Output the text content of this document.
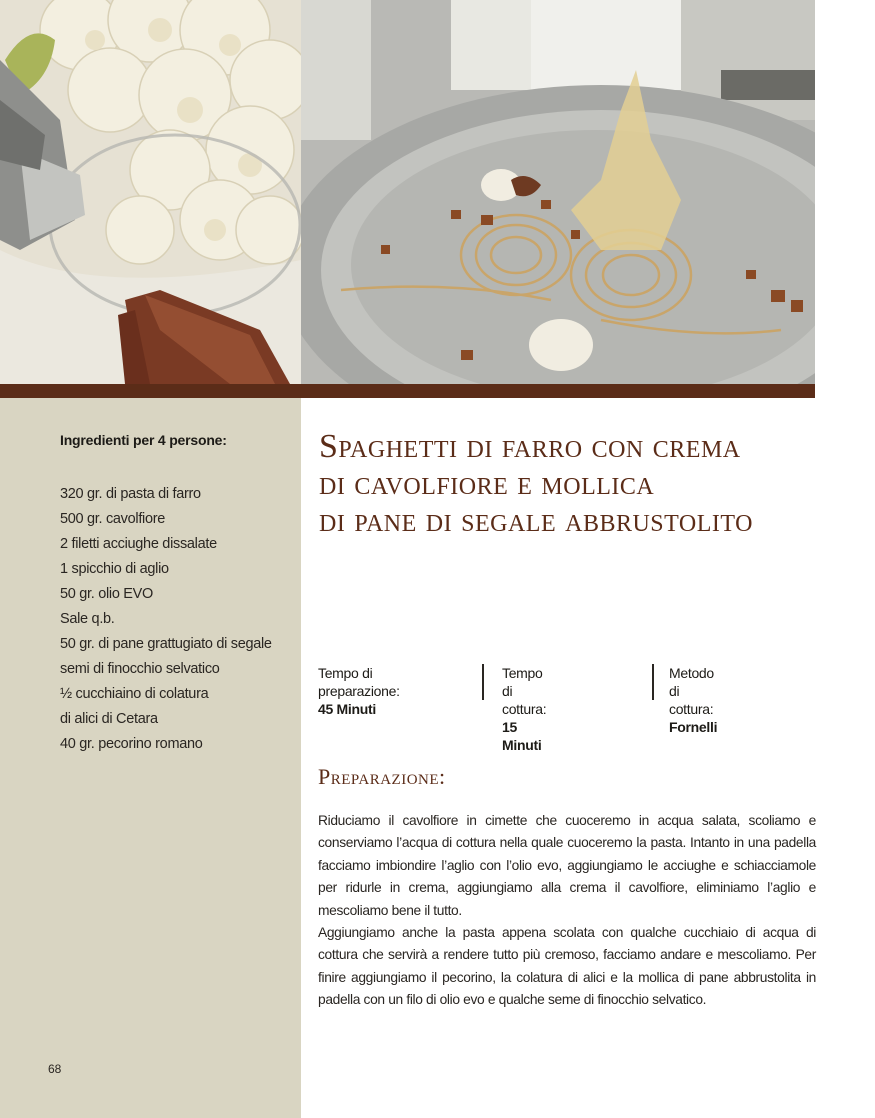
Ingredienti per 4 persone:
320 gr. di pasta di farro
500 gr. cavolfiore
2 filetti acciughe dissalate
1 spicchio di aglio
50 gr. olio EVO
Sale q.b.
50 gr. di pane grattugiato di segale
semi di finocchio selvatico
½ cucchiaino di colatura
di alici di Cetara
40 gr. pecorino romano
68
Spaghetti di farro con crema
di cavolfiore e mollica
di pane di segale abbrustolito
Tempo di preparazione:
45 Minuti
Tempo di cottura:
15 Minuti
Metodo di cottura:
Fornelli
Preparazione:

Riduciamo il cavolfiore in cimette che cuoceremo in acqua salata, scoliamo e conserviamo l’acqua di cottura nella quale cuoceremo la pasta. Intanto in una padella facciamo imbiondire l’aglio con l’olio evo, aggiungiamo le acciughe e schiacciamole per ridurle in crema, aggiungiamo alla crema il cavolfiore, eliminiamo l’aglio e mescoliamo bene il tutto.

Aggiungiamo anche la pasta appena scolata con qualche cucchiaio di acqua di cottura che servirà a rendere tutto più cremoso, facciamo andare e mescoliamo. Per finire aggiungiamo il pecorino, la colatura di alici e la mollica di pane abbrustolita in padella con un filo di olio evo e qualche seme di finocchio selvatico.
